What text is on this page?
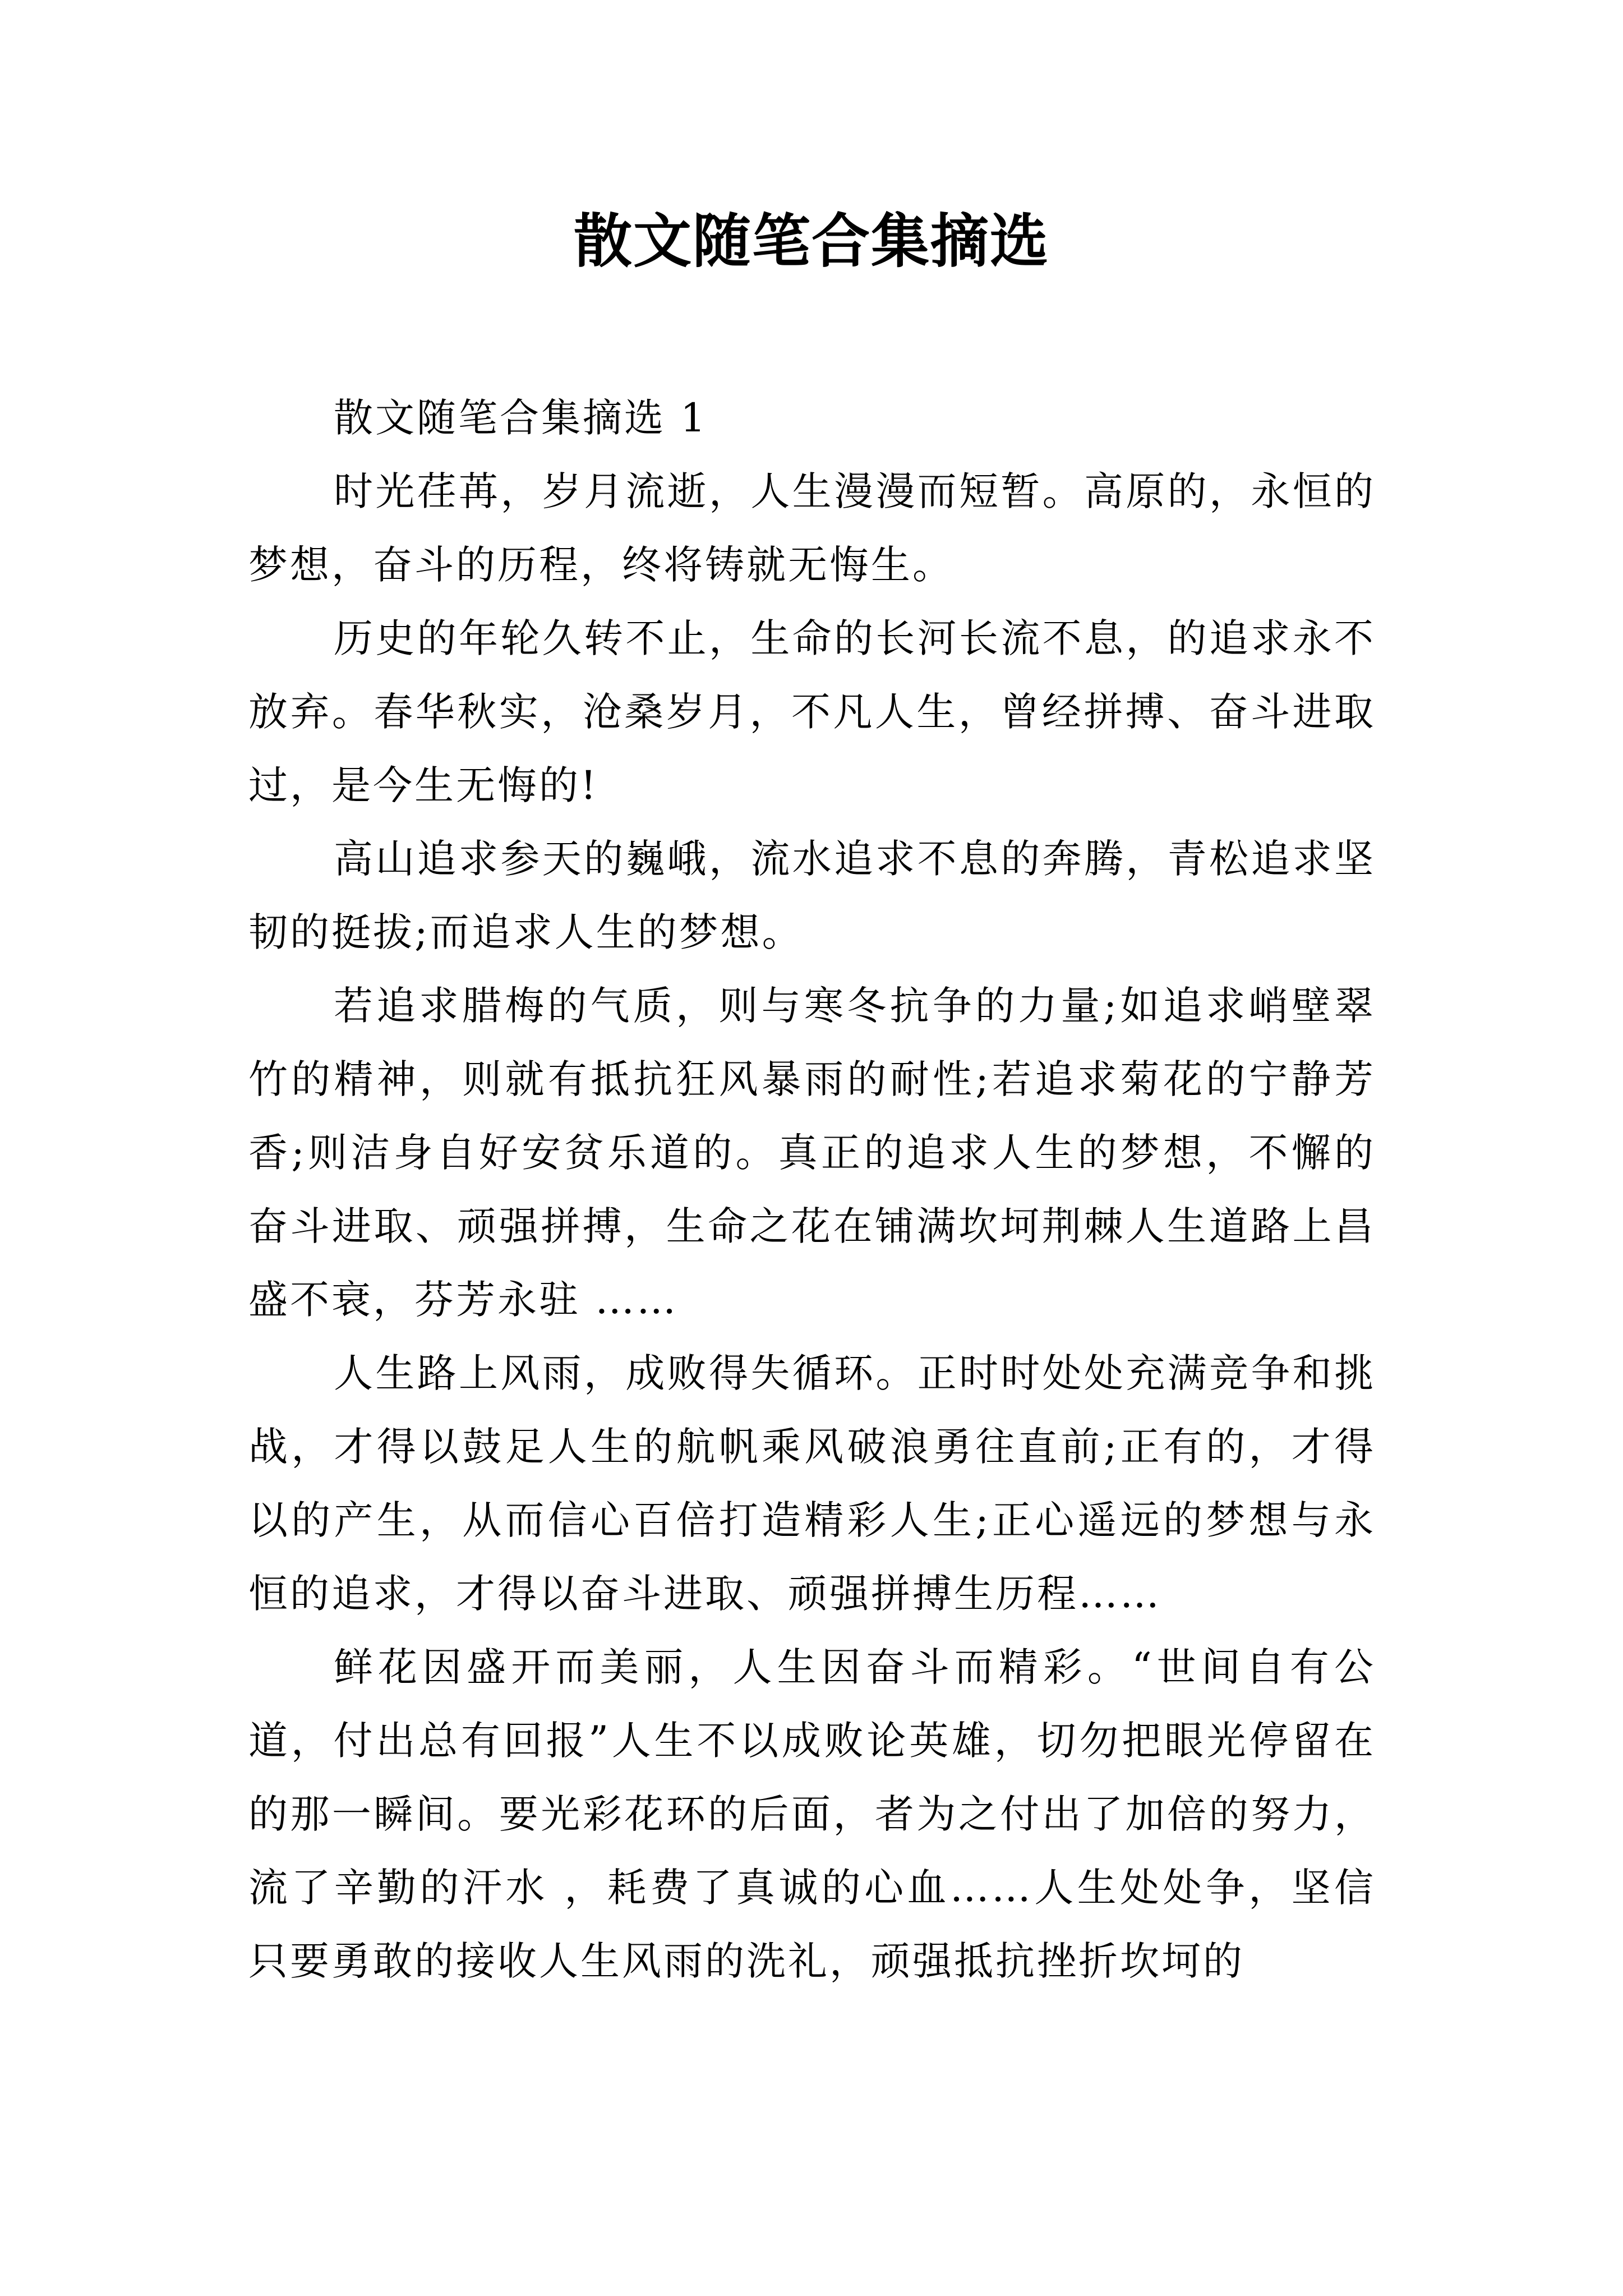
散文随笔合集摘选

散文随笔合集摘选 1

时光荏苒，岁月流逝，人生漫漫而短暂。高原的，永恒的梦想，奋斗的历程，终将铸就无悔生。

历史的年轮久转不止，生命的长河长流不息，的追求永不放弃。春华秋实，沧桑岁月，不凡人生，曾经拼搏、奋斗进取过，是今生无悔的!

高山追求参天的巍峨，流水追求不息的奔腾，青松追求坚韧的挺拔;而追求人生的梦想。

若追求腊梅的气质，则与寒冬抗争的力量;如追求峭壁翠竹的精神，则就有抵抗狂风暴雨的耐性;若追求菊花的宁静芳香;则洁身自好安贫乐道的。真正的追求人生的梦想，不懈的奋斗进取、顽强拼搏，生命之花在铺满坎坷荆棘人生道路上昌盛不衰，芬芳永驻 ……

人生路上风雨，成败得失循环。正时时处处充满竞争和挑战，才得以鼓足人生的航帆乘风破浪勇往直前;正有的，才得以的产生，从而信心百倍打造精彩人生;正心遥远的梦想与永恒的追求，才得以奋斗进取、顽强拼搏生历程……

鲜花因盛开而美丽，人生因奋斗而精彩。“世间自有公道，付出总有回报”人生不以成败论英雄，切勿把眼光停留在的那一瞬间。要光彩花环的后面，者为之付出了加倍的努力，流了辛勤的汗水 ，耗费了真诚的心血……人生处处争，坚信只要勇敢的接收人生风雨的洗礼，顽强抵抗挫折坎坷的
